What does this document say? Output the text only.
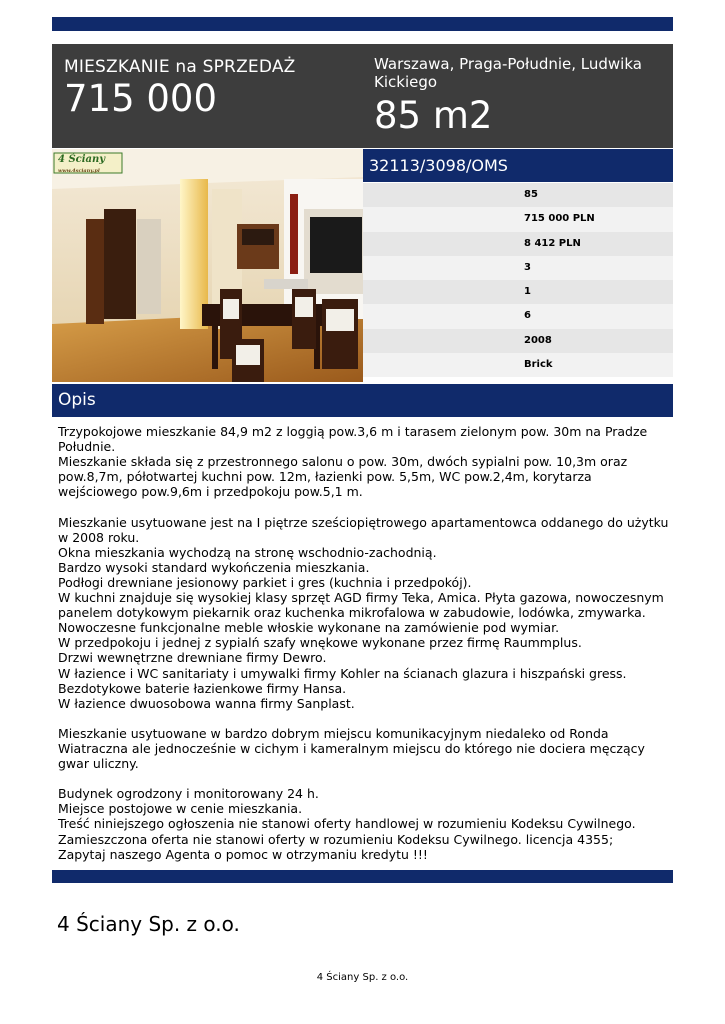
MIESZKANIE na SPRZEDAŻ
715 000
Warszawa, Praga-Południe, Ludwika Kickiego
85 m2
4 Ściany
www.4sciany.pl	32113/3098/OMS
85
715 000 PLN
8 412 PLN
3
1
6
2008
Brick
Opis

Trzypokojowe mieszkanie 84,9 m2 z loggią pow.3,6 m i tarasem zielonym pow. 30m na Pradze Południe.
Mieszkanie składa się z przestronnego salonu o pow. 30m, dwóch sypialni pow. 10,3m oraz pow.8,7m, półotwartej kuchni pow. 12m, łazienki pow. 5,5m, WC pow.2,4m, korytarza wejściowego pow.9,6m i przedpokoju pow.5,1 m.

Mieszkanie usytuowane jest na I piętrze sześciopiętrowego apartamentowca oddanego do użytku w 2008 roku.
Okna mieszkania wychodzą na stronę wschodnio-zachodnią.
Bardzo wysoki standard wykończenia mieszkania.
Podłogi drewniane jesionowy parkiet i gres (kuchnia i przedpokój).
W kuchni znajduje się wysokiej klasy sprzęt AGD firmy Teka, Amica. Płyta gazowa, nowoczesnym panelem dotykowym piekarnik oraz kuchenka mikrofalowa w zabudowie, lodówka, zmywarka.
Nowoczesne funkcjonalne meble włoskie wykonane na zamówienie pod wymiar.
W przedpokoju i jednej z sypialń szafy wnękowe wykonane przez firmę Raummplus.
Drzwi wewnętrzne drewniane firmy Dewro.
W łazience i WC sanitariaty i umywalki firmy Kohler na ścianach glazura i hiszpański gress.
Bezdotykowe baterie łazienkowe firmy Hansa.
W łazience dwuosobowa wanna firmy Sanplast.

Mieszkanie usytuowane w bardzo dobrym miejscu komunikacyjnym niedaleko od Ronda Wiatraczna ale jednocześnie w cichym i kameralnym miejscu do którego nie dociera męczący gwar uliczny.

Budynek ogrodzony i monitorowany 24 h.
Miejsce postojowe w cenie mieszkania.
Treść niniejszego ogłoszenia nie stanowi oferty handlowej w rozumieniu Kodeksu Cywilnego.
Zamieszczona oferta nie stanowi oferty w rozumieniu Kodeksu Cywilnego. licencja 4355;
Zapytaj naszego Agenta o pomoc w otrzymaniu kredytu !!!

4 Ściany Sp. z o.o.
4 Ściany Sp. z o.o.
